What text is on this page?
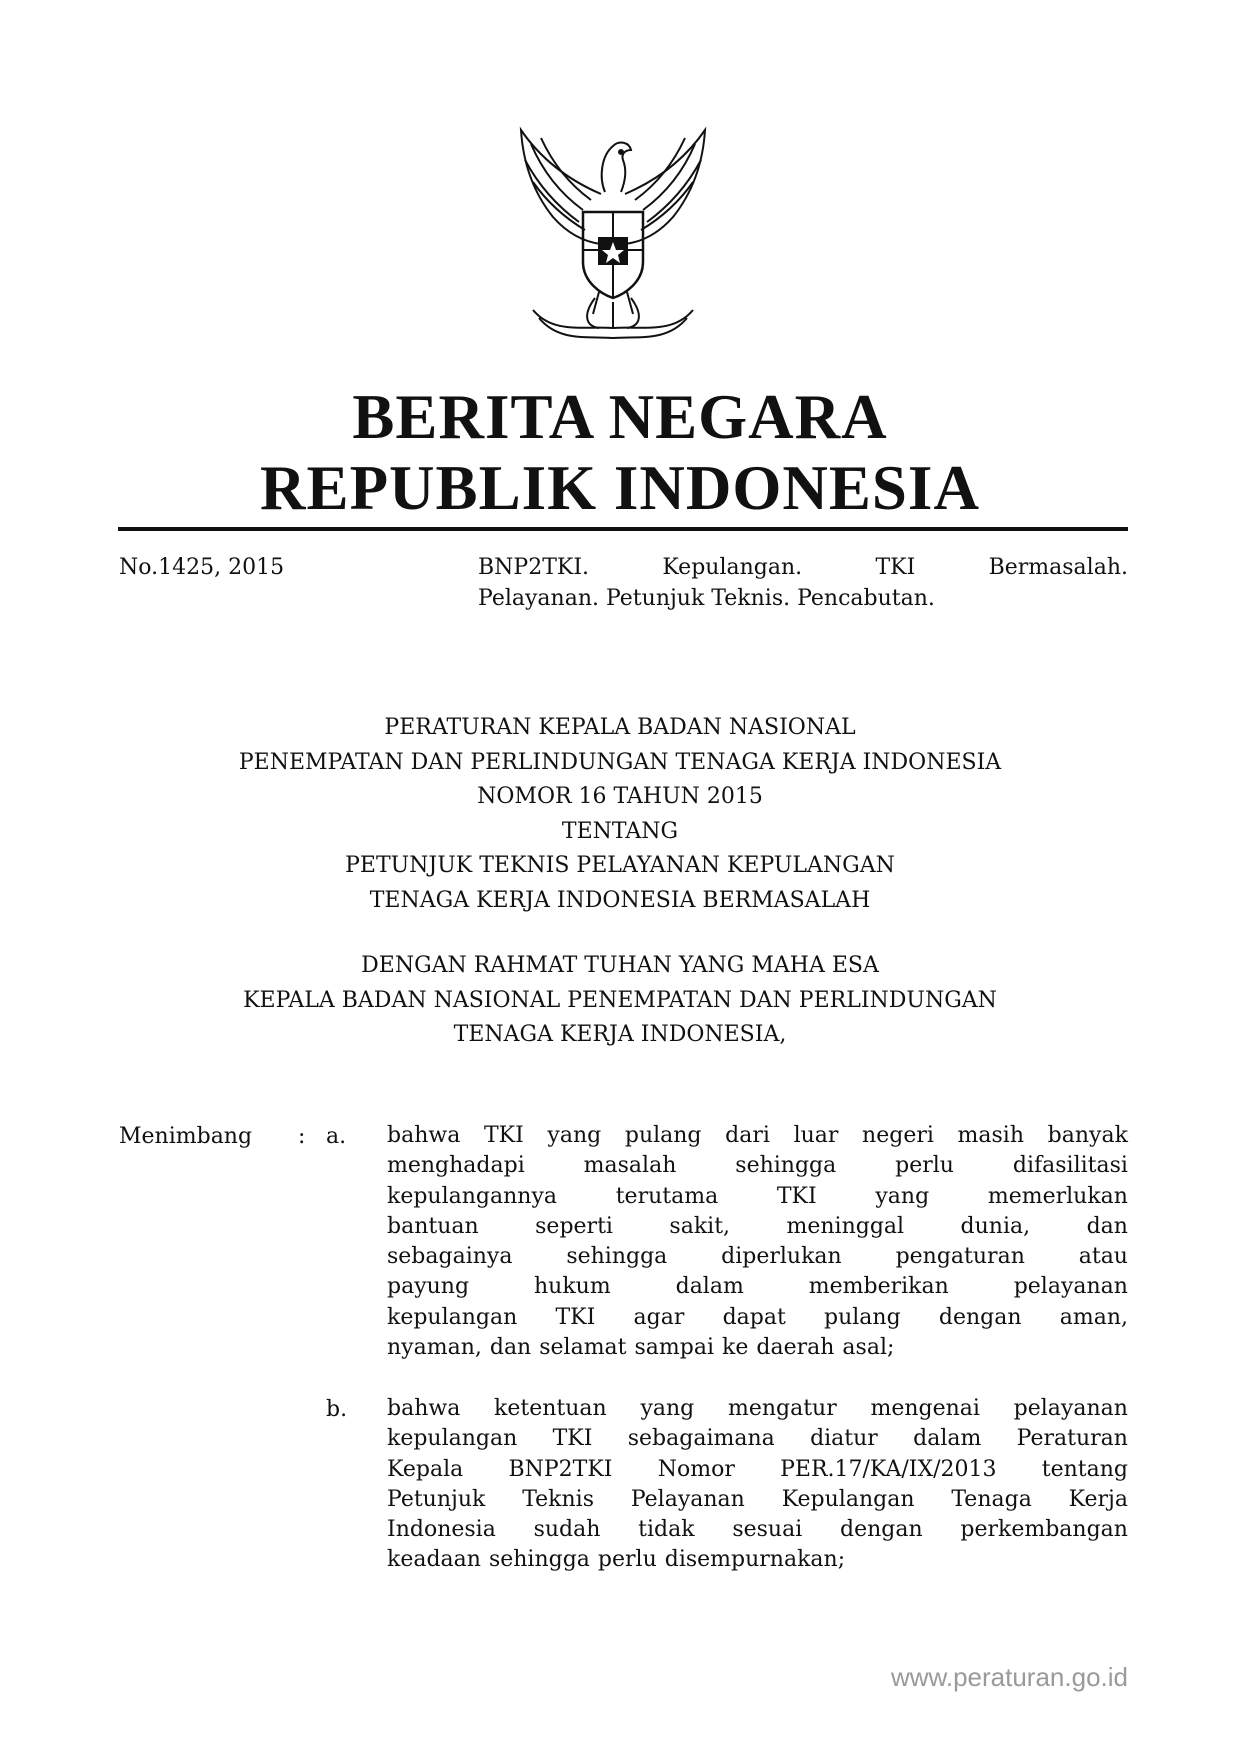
BERITA NEGARA
REPUBLIK INDONESIA
No.1425, 2015	BNP2TKI.	Kepulangan.	TKI	Bermasalah.
Pelayanan. Petunjuk Teknis. Pencabutan.
PERATURAN KEPALA BADAN NASIONAL
PENEMPATAN DAN PERLINDUNGAN TENAGA KERJA INDONESIA
NOMOR 16 TAHUN 2015
TENTANG
PETUNJUK TEKNIS PELAYANAN KEPULANGAN
TENAGA KERJA INDONESIA BERMASALAH
DENGAN RAHMAT TUHAN YANG MAHA ESA
KEPALA BADAN NASIONAL PENEMPATAN DAN PERLINDUNGAN
TENAGA KERJA INDONESIA,
Menimbang : a. bahwa TKI yang pulang dari luar negeri masih banyak
menghadapi	masalah	sehingga	perlu	difasilitasi
kepulangannya	terutama	TKI	yang	memerlukan
bantuan	seperti	sakit,	meninggal	dunia,	dan
sebagainya sehingga diperlukan pengaturan atau
payung	hukum	dalam	memberikan	pelayanan
kepulangan TKI agar dapat pulang dengan aman,
nyaman, dan selamat sampai ke daerah asal;
b. bahwa ketentuan yang mengatur mengenai pelayanan
kepulangan TKI sebagaimana diatur dalam Peraturan
Kepala BNP2TKI Nomor PER.17/KA/IX/2013 tentang
Petunjuk Teknis Pelayanan Kepulangan Tenaga Kerja
Indonesia sudah tidak sesuai dengan perkembangan
keadaan sehingga perlu disempurnakan;
www.peraturan.go.id
